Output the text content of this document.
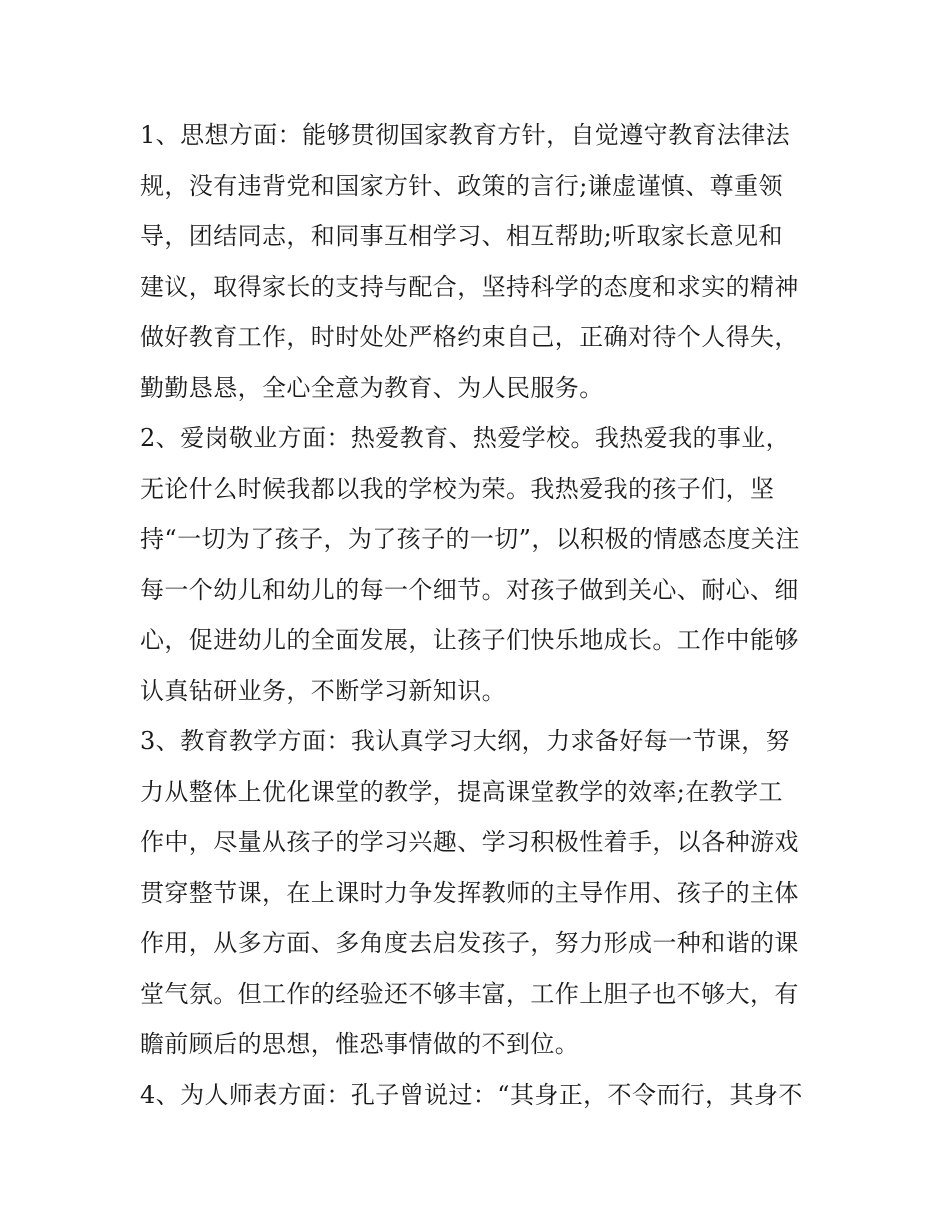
1、思想方面：能够贯彻国家教育方针，自觉遵守教育法律法
规，没有违背党和国家方针、政策的言行;谦虚谨慎、尊重领
导，团结同志，和同事互相学习、相互帮助;听取家长意见和
建议，取得家长的支持与配合，坚持科学的态度和求实的精神
做好教育工作，时时处处严格约束自己，正确对待个人得失，
勤勤恳恳，全心全意为教育、为人民服务。
2、爱岗敬业方面：热爱教育、热爱学校。我热爱我的事业，
无论什么时候我都以我的学校为荣。我热爱我的孩子们，坚
持“一切为了孩子，为了孩子的一切”，以积极的情感态度关注
每一个幼儿和幼儿的每一个细节。对孩子做到关心、耐心、细
心，促进幼儿的全面发展，让孩子们快乐地成长。工作中能够
认真钻研业务，不断学习新知识。
3、教育教学方面：我认真学习大纲，力求备好每一节课，努
力从整体上优化课堂的教学，提高课堂教学的效率;在教学工
作中，尽量从孩子的学习兴趣、学习积极性着手，以各种游戏
贯穿整节课，在上课时力争发挥教师的主导作用、孩子的主体
作用，从多方面、多角度去启发孩子，努力形成一种和谐的课
堂气氛。但工作的经验还不够丰富，工作上胆子也不够大，有
瞻前顾后的思想，惟恐事情做的不到位。
4、为人师表方面：孔子曾说过：“其身正，不令而行，其身不
